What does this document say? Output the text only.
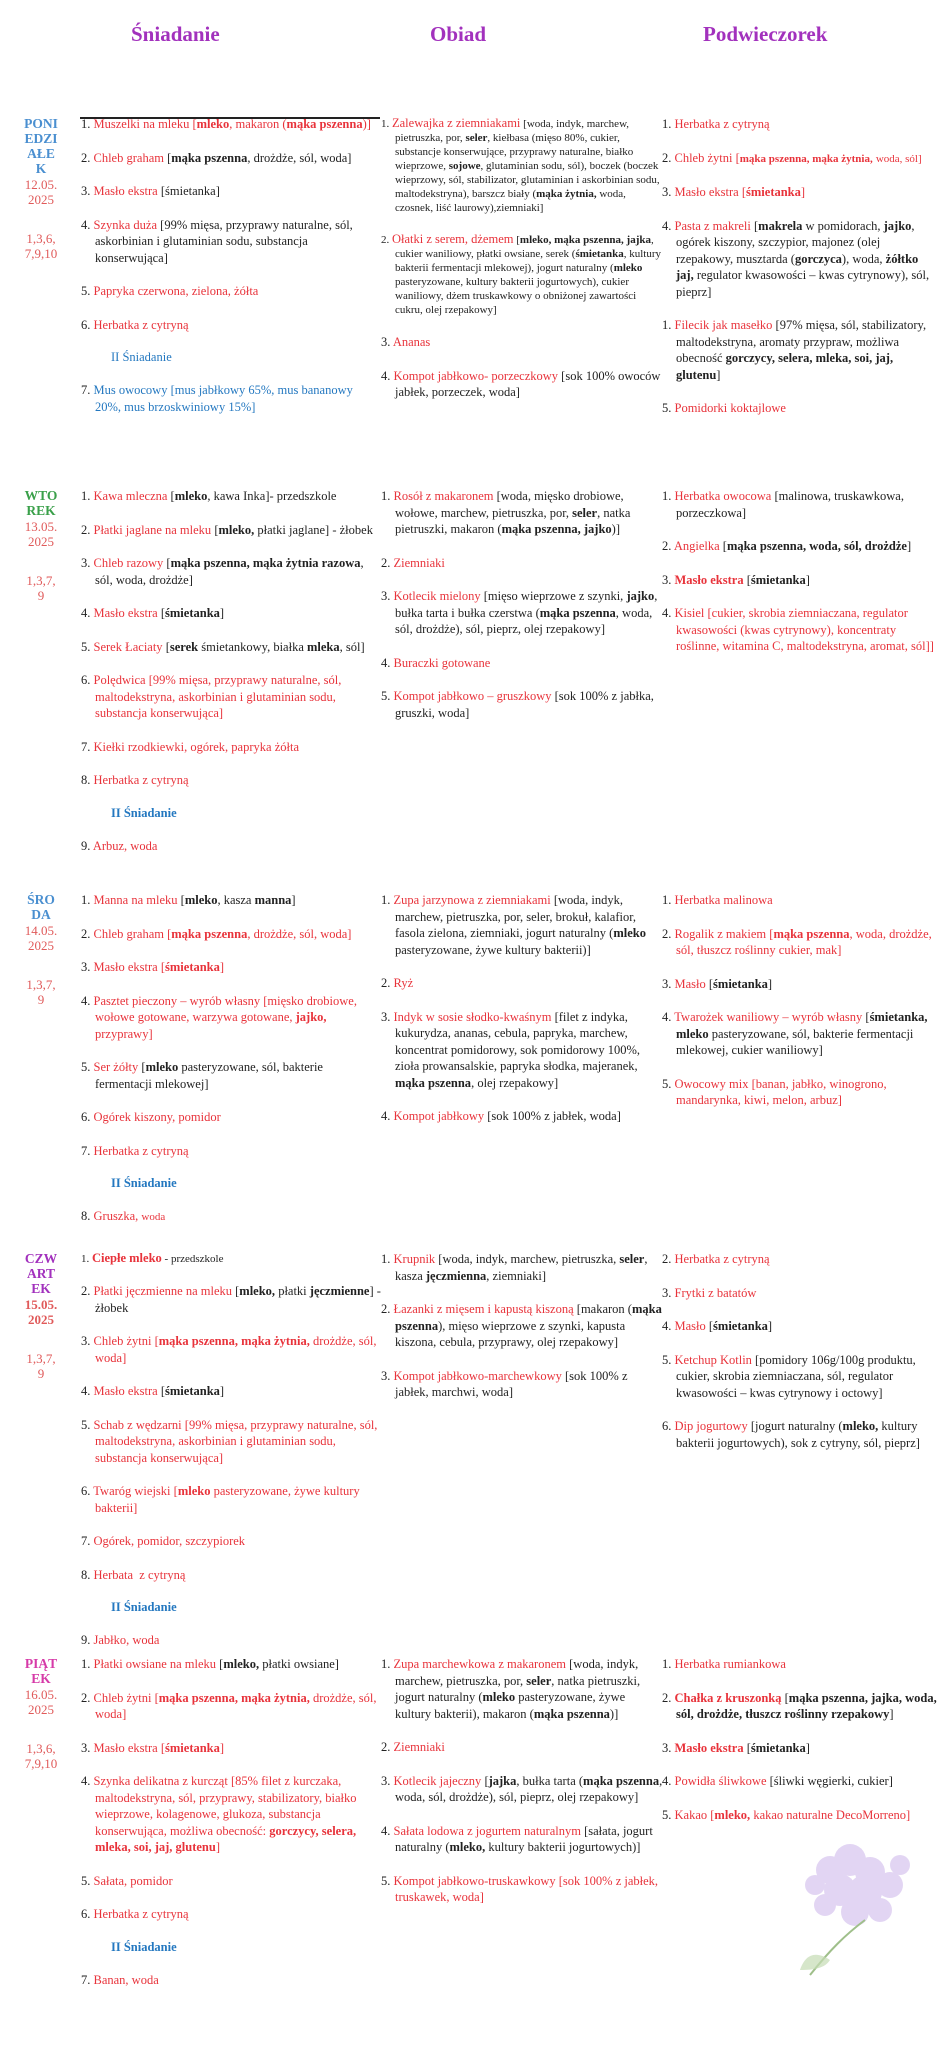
Śniadanie	Obiad	Podwieczorek
PONI
EDZI
AŁE
K
12.05.
2025
1,3,6,
7,9,10
1. Muszelki na mleku [mleko, makaron (mąka pszenna)]
2. Chleb graham [mąka pszenna, drożdże, sól, woda]
3. Masło ekstra [śmietanka]
4. Szynka duża [99% mięsa, przyprawy naturalne, sól, askorbinian i glutaminian sodu, substancja konserwująca]
5. Papryka czerwona, zielona, żółta
6. Herbatka z cytryną
II Śniadanie
7. Mus owocowy [mus jabłkowy 65%, mus bananowy 20%, mus brzoskwiniowy 15%]
1. Zalewajka z ziemniakami [woda, indyk, marchew, pietruszka, por, seler, kiełbasa (mięso 80%, cukier, substancje konserwujące, przyprawy naturalne, białko wieprzowe, sojowe, glutaminian sodu, sól), boczek (boczek wieprzowy, sól, stabilizator, glutaminian i askorbinian sodu, maltodekstryna), barszcz biały (mąka żytnia, woda, czosnek, liść laurowy),ziemniaki]
2. Ołatki z serem, dżemem [mleko, mąka pszenna, jajka, cukier waniliowy, płatki owsiane, serek (śmietanka, kultury bakterii fermentacji mlekowej), jogurt naturalny (mleko pasteryzowane, kultury bakterii jogurtowych), cukier waniliowy, dżem truskawkowy o obniżonej zawartości cukru, olej rzepakowy]
3. Ananas
4. Kompot jabłkowo- porzeczkowy [sok 100% owoców jabłek, porzeczek, woda]
1. Herbatka z cytryną
2. Chleb żytni [mąka pszenna, mąka żytnia, woda, sól]
3. Masło ekstra [śmietanka]
4. Pasta z makreli [makrela w pomidorach, jajko, ogórek kiszony, szczypior, majonez (olej rzepakowy, musztarda (gorczyca), woda, żółtko jaj, regulator kwasowości – kwas cytrynowy), sól, pieprz]
1. Filecik jak masełko [97% mięsa, sól, stabilizatory, maltodekstryna, aromaty przypraw, możliwa obecność gorczycy, selera, mleka, soi, jaj, glutenu]
5. Pomidorki koktajlowe
WTO
REK
13.05.
2025
1,3,7,
9
1. Kawa mleczna [mleko, kawa Inka]- przedszkole
2. Płatki jaglane na mleku [mleko, płatki jaglane] - żłobek
3. Chleb razowy [mąka pszenna, mąka żytnia razowa, sól, woda, drożdże]
4. Masło ekstra [śmietanka]
5. Serek Łaciaty [serek śmietankowy, białka mleka, sól]
6. Polędwica [99% mięsa, przyprawy naturalne, sól, maltodekstryna, askorbinian i glutaminian sodu, substancja konserwująca]
7. Kiełki rzodkiewki, ogórek, papryka żółta
8. Herbatka z cytryną
II Śniadanie
9. Arbuz, woda
1. Rosół z makaronem [woda, mięsko drobiowe, wołowe, marchew, pietruszka, por, seler, natka pietruszki, makaron (mąka pszenna, jajko)]
2. Ziemniaki
3. Kotlecik mielony [mięso wieprzowe z szynki, jajko, bułka tarta i bułka czerstwa (mąka pszenna, woda, sól, drożdże), sól, pieprz, olej rzepakowy]
4. Buraczki gotowane
5. Kompot jabłkowo – gruszkowy [sok 100% z jabłka, gruszki, woda]
1. Herbatka owocowa [malinowa, truskawkowa, porzeczkowa]
2. Angielka [mąka pszenna, woda, sól, drożdże]
3. Masło ekstra [śmietanka]
4. Kisiel [cukier, skrobia ziemniaczana, regulator kwasowości (kwas cytrynowy), koncentraty roślinne, witamina C, maltodekstryna, aromat, sól]]
ŚRO
DA
14.05.
2025
1,3,7,
9
1. Manna na mleku [mleko, kasza manna]
2. Chleb graham [mąka pszenna, drożdże, sól, woda]
3. Masło ekstra [śmietanka]
4. Pasztet pieczony – wyrób własny [mięsko drobiowe, wołowe gotowane, warzywa gotowane, jajko, przyprawy]
5. Ser żółty [mleko pasteryzowane, sól, bakterie fermentacji mlekowej]
6. Ogórek kiszony, pomidor
7. Herbatka z cytryną
II Śniadanie
8. Gruszka, woda
1. Zupa jarzynowa z ziemniakami [woda, indyk, marchew, pietruszka, por, seler, brokuł, kalafior, fasola zielona, ziemniaki, jogurt naturalny (mleko pasteryzowane, żywe kultury bakterii)]
2. Ryż
3. Indyk w sosie słodko-kwaśnym [filet z indyka, kukurydza, ananas, cebula, papryka, marchew, koncentrat pomidorowy, sok pomidorowy 100%, zioła prowansalskie, papryka słodka, majeranek, mąka pszenna, olej rzepakowy]
4. Kompot jabłkowy [sok 100% z jabłek, woda]
1. Herbatka malinowa
2. Rogalik z makiem [mąka pszenna, woda, drożdże, sól, tłuszcz roślinny cukier, mak]
3. Masło [śmietanka]
4. Twarożek waniliowy – wyrób własny [śmietanka, mleko pasteryzowane, sól, bakterie fermentacji mlekowej, cukier waniliowy]
5. Owocowy mix [banan, jabłko, winogrono, mandarynka, kiwi, melon, arbuz]
CZW
ART
EK
15.05.
2025
1,3,7,
9
1. Ciepłe mleko - przedszkole
2. Płatki jęczmienne na mleku [mleko, płatki jęczmienne] - żłobek
3. Chleb żytni [mąka pszenna, mąka żytnia, drożdże, sól, woda]
4. Masło ekstra [śmietanka]
5. Schab z wędzarni [99% mięsa, przyprawy naturalne, sól, maltodekstryna, askorbinian i glutaminian sodu, substancja konserwująca]
6. Twaróg wiejski [mleko pasteryzowane, żywe kultury bakterii]
7. Ogórek, pomidor, szczypiorek
8. Herbata  z cytryną
II Śniadanie
9. Jabłko, woda
1. Krupnik [woda, indyk, marchew, pietruszka, seler, kasza jęczmienna, ziemniaki]
2. Łazanki z mięsem i kapustą kiszoną [makaron (mąka pszenna), mięso wieprzowe z szynki, kapusta kiszona, cebula, przyprawy, olej rzepakowy]
3. Kompot jabłkowo-marchewkowy [sok 100% z jabłek, marchwi, woda]
2. Herbatka z cytryną
3. Frytki z batatów
4. Masło [śmietanka]
5. Ketchup Kotlin [pomidory 106g/100g produktu, cukier, skrobia ziemniaczana, sól, regulator kwasowości – kwas cytrynowy i octowy]
6. Dip jogurtowy [jogurt naturalny (mleko, kultury bakterii jogurtowych), sok z cytryny, sól, pieprz]
PIĄT
EK
16.05.
2025
1,3,6,
7,9,10
1. Płatki owsiane na mleku [mleko, płatki owsiane]
2. Chleb żytni [mąka pszenna, mąka żytnia, drożdże, sól, woda]
3. Masło ekstra [śmietanka]
4. Szynka delikatna z kurcząt [85% filet z kurczaka, maltodekstryna, sól, przyprawy, stabilizatory, białko wieprzowe, kolagenowe, glukoza, substancja konserwująca, możliwa obecność: gorczycy, selera, mleka, soi, jaj, glutenu]
5. Sałata, pomidor
6. Herbatka z cytryną
II Śniadanie
7. Banan, woda
1. Zupa marchewkowa z makaronem [woda, indyk, marchew, pietruszka, por, seler, natka pietruszki, jogurt naturalny (mleko pasteryzowane, żywe kultury bakterii), makaron (mąka pszenna)]
2. Ziemniaki
3. Kotlecik jajeczny [jajka, bułka tarta (mąka pszenna, woda, sól, drożdże), sól, pieprz, olej rzepakowy]
4. Sałata lodowa z jogurtem naturalnym [sałata, jogurt naturalny (mleko, kultury bakterii jogurtowych)]
5. Kompot jabłkowo-truskawkowy [sok 100% z jabłek, truskawek, woda]
1. Herbatka rumiankowa
2. Chałka z kruszonką [mąka pszenna, jajka, woda, sól, drożdże, tłuszcz roślinny rzepakowy]
3. Masło ekstra [śmietanka]
4. Powidła śliwkowe [śliwki węgierki, cukier]
5. Kakao [mleko, kakao naturalne DecoMorreno]
